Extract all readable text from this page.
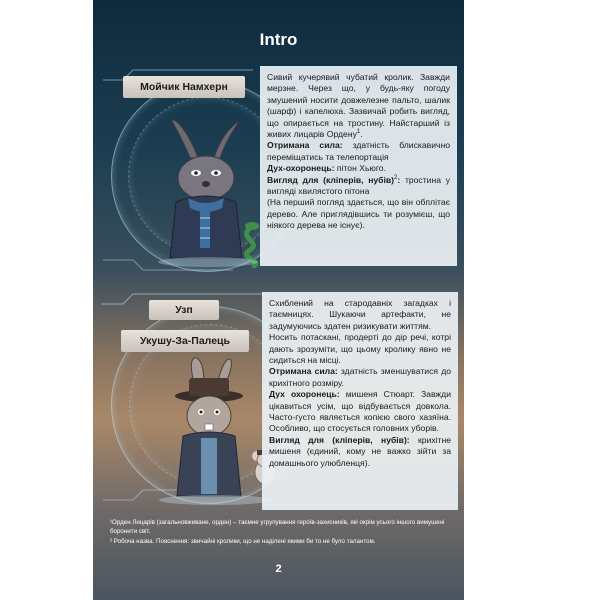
Intro
Мойчик Намхерн

Сивий кучерявий чубатий кролик. Завжди мерзне. Через що, у будь-яку погоду змушений носити довжелезне пальто, шалик (шарф) і капелюха. Зазвичай робить вигляд, що опирається на тростину. Найстарший із живих лицарів Ордену$^1$.

Отримана сила: здатність блискавично переміщатись та телепортація

Дух-охоронець: пітон Хьюго.

Вигляд для (кліперів, нубів)$^2$: тростина у вигляді хвилястого пітона

(На перший погляд здається, що він обплітає дерево. Але приглядівшись ти розумієш, що ніякого дерева не існує).

Узп
Укушу-За-Палець

Схиблений на стародавніх загадках і таємницях. Шукаючи артефакти, не задумуючись здатен ризикувати життям.

Носить потаскані, продерті до дір речі, котрі дають зрозуміти, що цьому кролику явно не сидиться на місці.

Отримана сила: здатність зменшуватися до крихітного розміру.

Дух охоронець: мишеня Стюарт. Завжди цікавиться усім, що відбувається довкола. Часто-густо являється копією свого хазяїна. Особливо, що стосується головних уборів.

Вигляд для (кліперів, нубів): крихітне мишеня (єдиний, кому не важко зійти за домашнього улюбленця).

2

¹Орден Лицарів (загальновживане, орден) – таємне угрупування героїв-захисників, які окрім усього іншого вимушені боронити світ.

² Робоча назва. Пояснення: звичайні кролики, що не наділені якими би то не було талантом.
